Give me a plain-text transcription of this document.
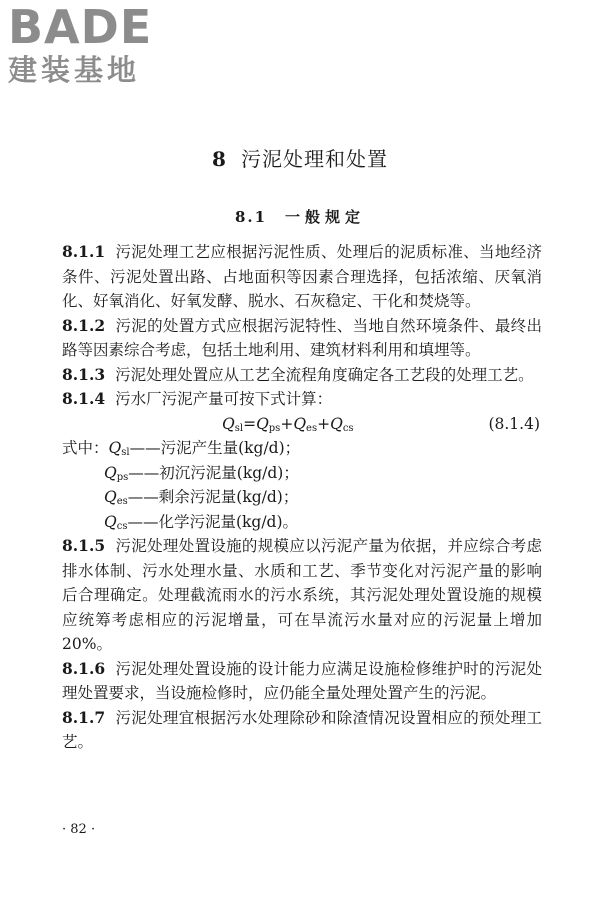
BADE
建装基地
8 污泥处理和处置
8.1 一般规定

8.1.1 污泥处理工艺应根据污泥性质、处理后的泥质标准、当地经济条件、污泥处置出路、占地面积等因素合理选择，包括浓缩、厌氧消化、好氧消化、好氧发酵、脱水、石灰稳定、干化和焚烧等。

8.1.2 污泥的处置方式应根据污泥特性、当地自然环境条件、最终出路等因素综合考虑，包括土地利用、建筑材料利用和填埋等。

8.1.3 污泥处理处置应从工艺全流程角度确定各工艺段的处理工艺。

8.1.4 污水厂污泥产量可按下式计算：

$Q_{sl}=Q_{ps}+Q_{es}+Q_{cs}$	(8.1.4)
式中：$Q_{sl}——$污泥产生量(kg/d)；
$Q_{ps}——$初沉污泥量(kg/d)；
$Q_{es}——$剩余污泥量(kg/d)；
$Q_{cs}——$化学污泥量(kg/d)。

8.1.5 污泥处理处置设施的规模应以污泥产量为依据，并应综合考虑排水体制、污水处理水量、水质和工艺、季节变化对污泥产量的影响后合理确定。处理截流雨水的污水系统，其污泥处理处置设施的规模应统筹考虑相应的污泥增量，可在旱流污水量对应的污泥量上增加20%。

8.1.6 污泥处理处置设施的设计能力应满足设施检修维护时的污泥处理处置要求，当设施检修时，应仍能全量处理处置产生的污泥。

8.1.7 污泥处理宜根据污水处理除砂和除渣情况设置相应的预处理工艺。

· 82 ·
